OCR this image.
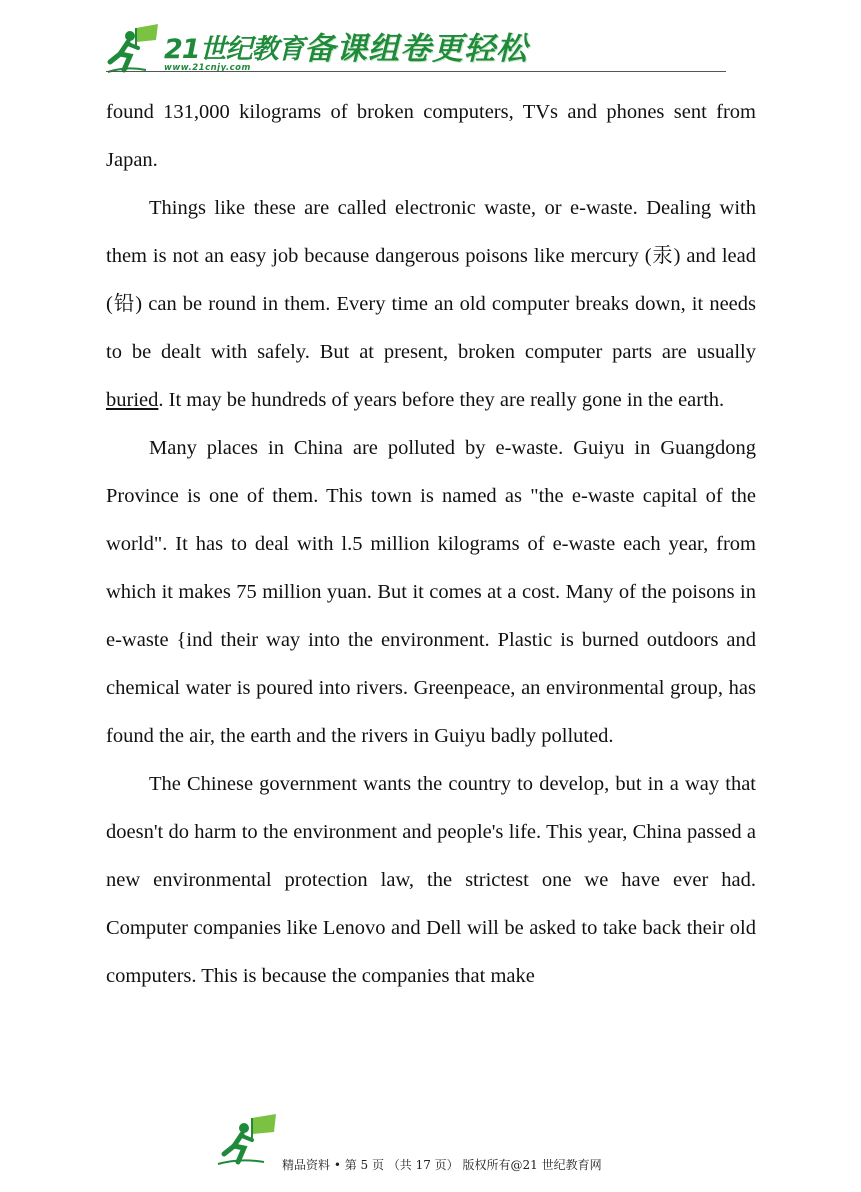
21世纪教育
www.21cnjy.com
备课组卷更轻松

found 131,000 kilograms of broken computers, TVs and phones sent from Japan.

Things like these are called electronic waste, or e-waste. Dealing with them is not an easy job because dangerous poisons like mercury (汞) and lead (铅) can be round in them. Every time an old computer breaks down, it needs to be dealt with safely. But at present, broken computer parts are usually buried. It may be hundreds of years before they are really gone in the earth.

Many places in China are polluted by e-waste. Guiyu in Guangdong Province is one of them. This town is named as "the e-waste capital of the world". It has to deal with l.5 million kilograms of e-waste each year, from which it makes 75 million yuan. But it comes at a cost. Many of the poisons in e-waste {ind their way into the environment. Plastic is burned outdoors and chemical water is poured into rivers. Greenpeace, an environmental group, has found the air, the earth and the rivers in Guiyu badly polluted.

The Chinese government wants the country to develop, but in a way that doesn't do harm to the environment and people's life. This year, China passed a new environmental protection law, the strictest one we have ever had. Computer companies like Lenovo and Dell will be asked to take back their old computers. This is because the companies that make

精品资料 • 第 5 页 （共 17 页） 版权所有@21 世纪教育网
